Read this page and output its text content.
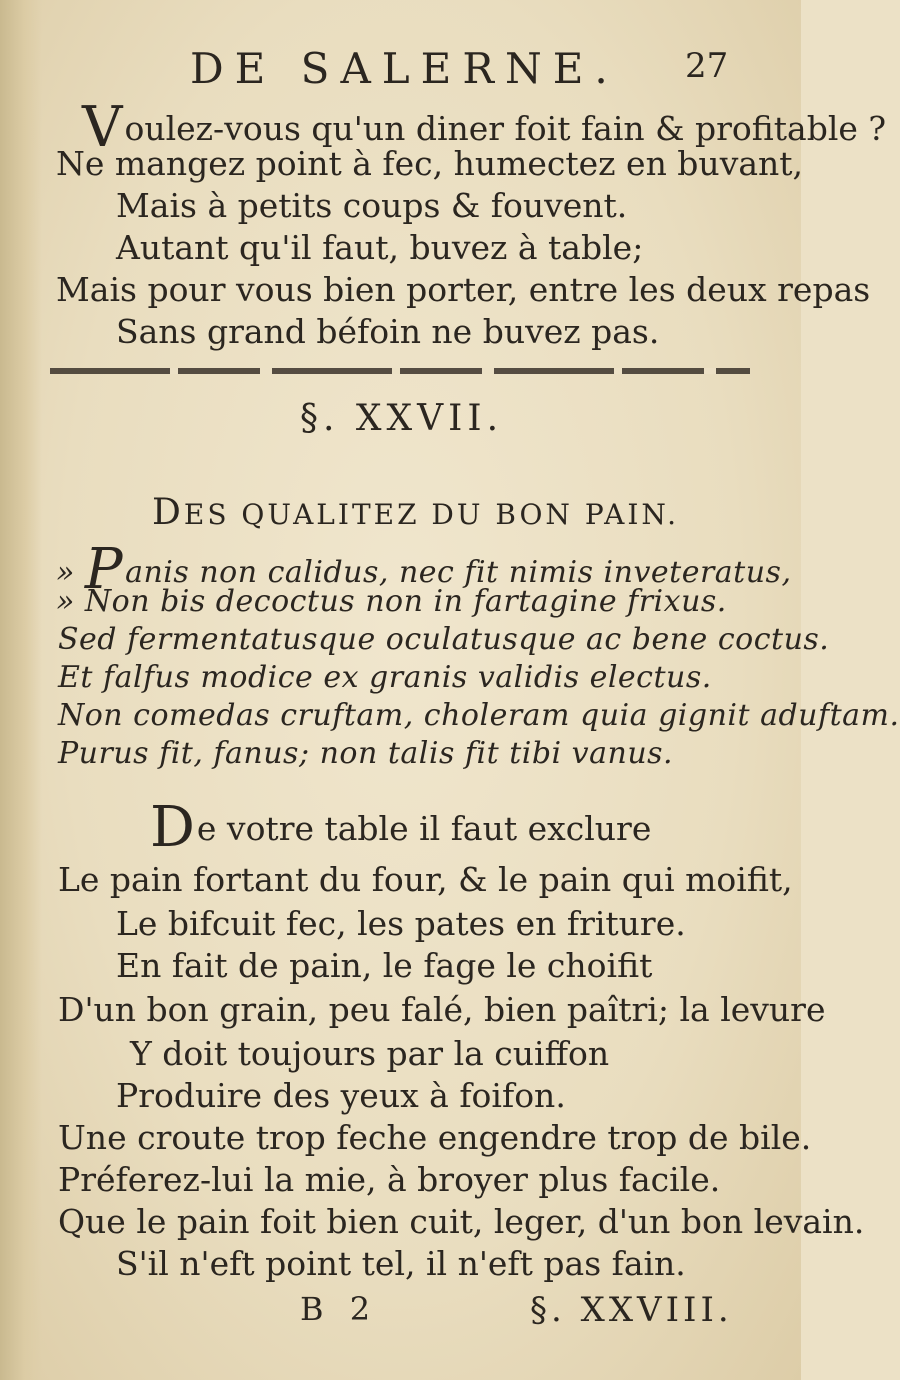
DE SALERNE. 27
Voulez-vous qu'un diner foit fain & profitable ?
Ne mangez point à fec, humectez en buvant,
Mais à petits coups & fouvent.
Autant qu'il faut, buvez à table;
Mais pour vous bien porter, entre les deux repas
Sans grand béfoin ne buvez pas.
§. XXVII.
DES QUALITEZ DU BON PAIN.
» Panis non calidus, nec fit nimis inveteratus,
» Non bis decoctus non in fartagine frixus.
Sed fermentatusque oculatusque ac bene coctus.
Et falfus modice ex granis validis electus.
Non comedas cruftam, choleram quia gignit aduftam.
Purus fit, fanus; non talis fit tibi vanus.
De votre table il faut exclure
Le pain fortant du four, & le pain qui moifit,
Le bifcuit fec, les pates en friture.
En fait de pain, le fage le choifit
D'un bon grain, peu falé, bien paîtri; la levure
Y doit toujours par la cuiffon
Produire des yeux à foifon.
Une croute trop feche engendre trop de bile.
Préferez-lui la mie, à broyer plus facile.
Que le pain foit bien cuit, leger, d'un bon levain.
S'il n'eft point tel, il n'eft pas fain.
B 2	§. XXVIII.
